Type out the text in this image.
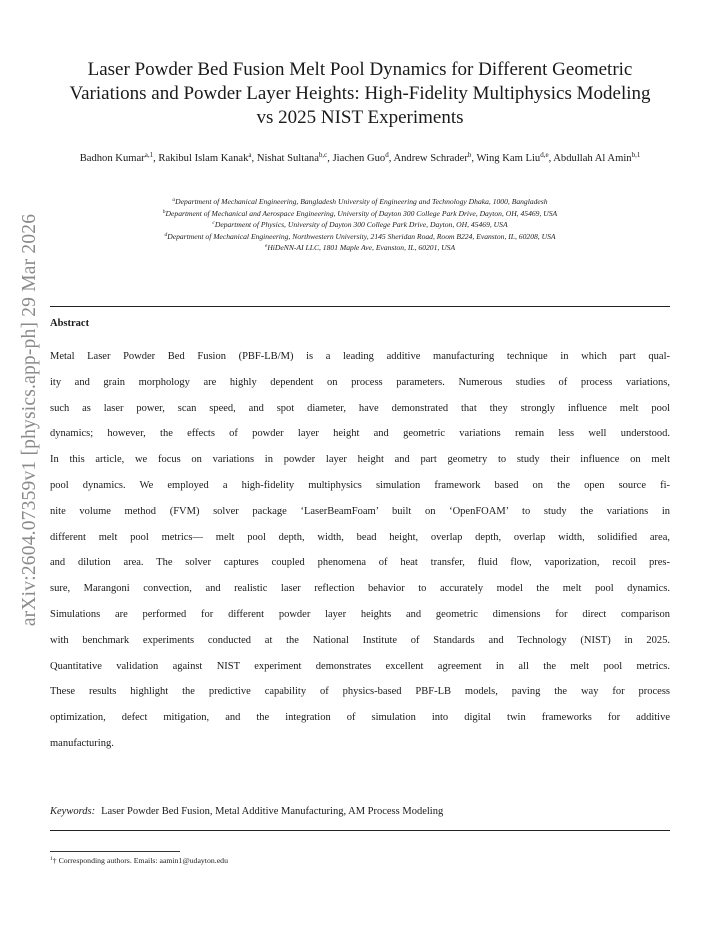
arXiv:2604.07359v1 [physics.app-ph] 29 Mar 2026
Laser Powder Bed Fusion Melt Pool Dynamics for Different Geometric
Variations and Powder Layer Heights: High-Fidelity Multiphysics Modeling
vs 2025 NIST Experiments
Badhon Kumar$^{a,1}$, Rakibul Islam Kanak$^a$, Nishat Sultana$^{b,c}$, Jiachen Guo$^d$, Andrew Schrader$^b$, Wing Kam Liu$^{d,e}$, Abdullah Al Amin$^{b,1}$
$^a$Department of Mechanical Engineering, Bangladesh University of Engineering and Technology Dhaka, 1000, Bangladesh
$^b$Department of Mechanical and Aerospace Engineering, University of Dayton 300 College Park Drive, Dayton, OH, 45469, USA
$^c$Department of Physics, University of Dayton 300 College Park Drive, Dayton, OH, 45469, USA
$^d$Department of Mechanical Engineering, Northwestern University, 2145 Sheridan Road, Room B224, Evanston, IL, 60208, USA
$^e$HiDeNN-AI LLC, 1801 Maple Ave, Evanston, IL, 60201, USA
Abstract
Metal Laser Powder Bed Fusion (PBF-LB/M) is a leading additive manufacturing technique in which part qual-
ity and grain morphology are highly dependent on process parameters. Numerous studies of process variations,
such as laser power, scan speed, and spot diameter, have demonstrated that they strongly influence melt pool
dynamics; however, the effects of powder layer height and geometric variations remain less well understood.
In this article, we focus on variations in powder layer height and part geometry to study their influence on melt
pool dynamics. We employed a high-fidelity multiphysics simulation framework based on the open source fi-
nite volume method (FVM) solver package ‘LaserBeamFoam’ built on ‘OpenFOAM’ to study the variations in
different melt pool metrics— melt pool depth, width, bead height, overlap depth, overlap width, solidified area,
and dilution area. The solver captures coupled phenomena of heat transfer, fluid flow, vaporization, recoil pres-
sure, Marangoni convection, and realistic laser reflection behavior to accurately model the melt pool dynamics.
Simulations are performed for different powder layer heights and geometric dimensions for direct comparison
with benchmark experiments conducted at the National Institute of Standards and Technology (NIST) in 2025.
Quantitative validation against NIST experiment demonstrates excellent agreement in all the melt pool metrics.
These results highlight the predictive capability of physics-based PBF-LB models, paving the way for process
optimization, defect mitigation, and the integration of simulation into digital twin frameworks for additive
manufacturing.
Keywords: Laser Powder Bed Fusion, Metal Additive Manufacturing, AM Process Modeling
$^1$† Corresponding authors. Emails: aamin1@udayton.edu
